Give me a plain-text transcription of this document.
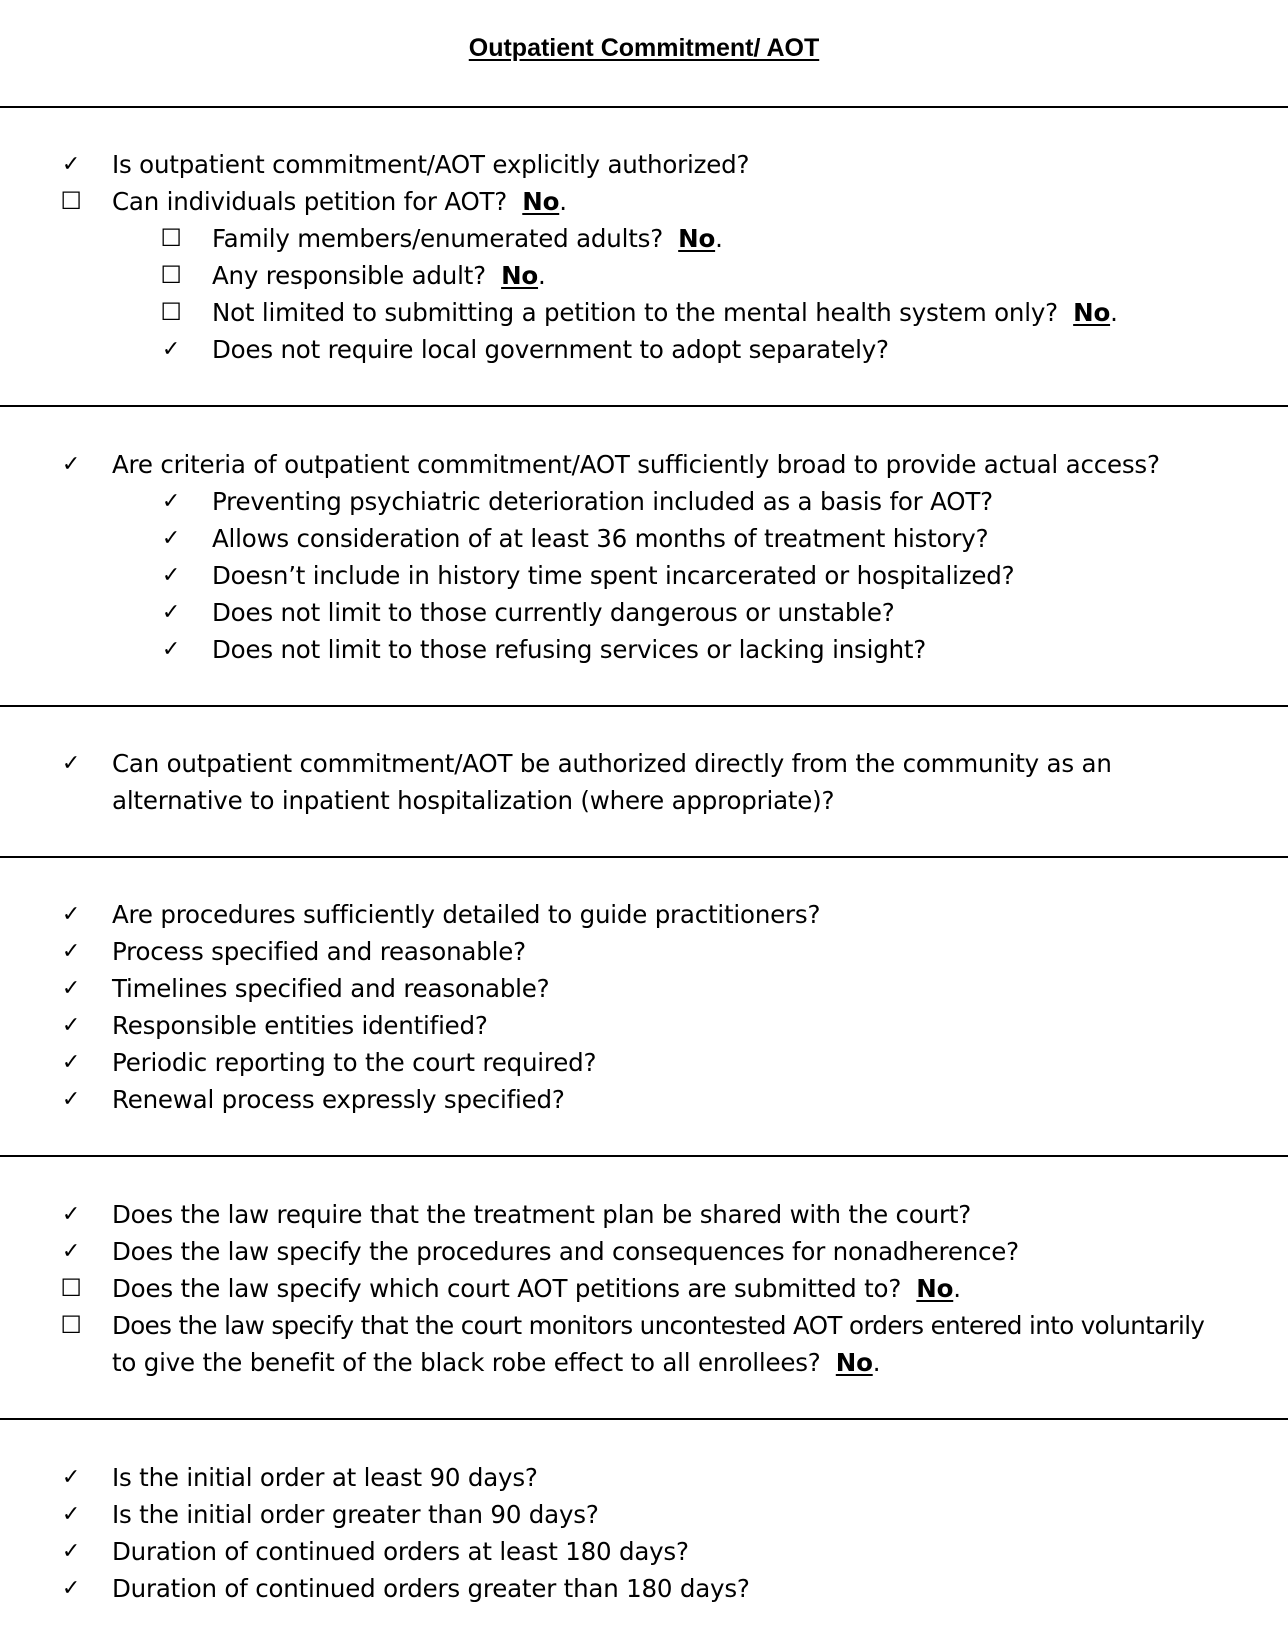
Outpatient Commitment/ AOT
✓ Is outpatient commitment/AOT explicitly authorized?
☐ Can individuals petition for AOT?  No.
☐ Family members/enumerated adults?  No.
☐ Any responsible adult?  No.
☐ Not limited to submitting a petition to the mental health system only?  No.
✓ Does not require local government to adopt separately?
✓ Are criteria of outpatient commitment/AOT sufficiently broad to provide actual access?
✓ Preventing psychiatric deterioration included as a basis for AOT?
✓ Allows consideration of at least 36 months of treatment history?
✓ Doesn’t include in history time spent incarcerated or hospitalized?
✓ Does not limit to those currently dangerous or unstable?
✓ Does not limit to those refusing services or lacking insight?
✓ Can outpatient commitment/AOT be authorized directly from the community as an
alternative to inpatient hospitalization (where appropriate)?
✓ Are procedures sufficiently detailed to guide practitioners?
✓ Process specified and reasonable?
✓ Timelines specified and reasonable?
✓ Responsible entities identified?
✓ Periodic reporting to the court required?
✓ Renewal process expressly specified?
✓ Does the law require that the treatment plan be shared with the court?
✓ Does the law specify the procedures and consequences for nonadherence?
☐ Does the law specify which court AOT petitions are submitted to?  No.
☐ Does the law specify that the court monitors uncontested AOT orders entered into voluntarily
to give the benefit of the black robe effect to all enrollees?  No.
✓ Is the initial order at least 90 days?
✓ Is the initial order greater than 90 days?
✓ Duration of continued orders at least 180 days?
✓ Duration of continued orders greater than 180 days?
